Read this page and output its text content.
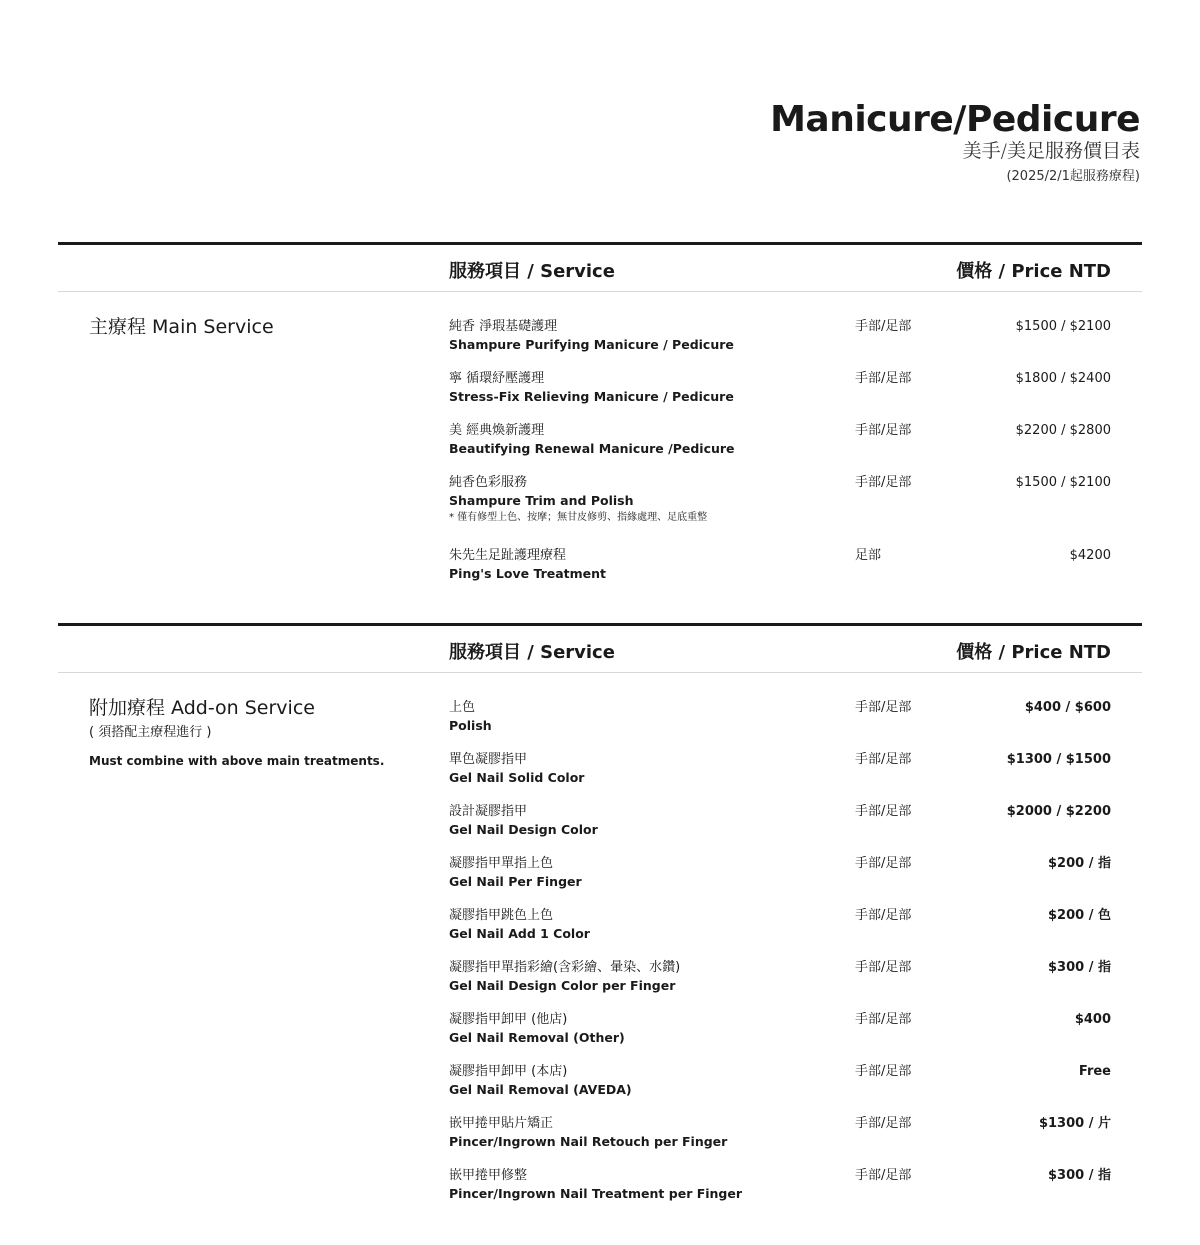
Manicure/Pedicure
美手/美足服務價目表
(2025/2/1起服務療程)
服務項目 / Service	價格 / Price NTD
主療程 Main Service	純香 淨瑕基礎護理
Shampure Purifying Manicure / Pedicure
手部/足部	$1500 / $2100
寧 循環紓壓護理
Stress-Fix Relieving Manicure / Pedicure
手部/足部	$1800 / $2400
美 經典煥新護理
Beautifying Renewal Manicure /Pedicure
手部/足部	$2200 / $2800
純香色彩服務
Shampure Trim and Polish
* 僅有修型上色、按摩；無甘皮修剪、指緣處理、足底重整
手部/足部	$1500 / $2100
朱先生足趾護理療程
Ping's Love Treatment
足部	$4200
服務項目 / Service	價格 / Price NTD
附加療程 Add-on Service
( 須搭配主療程進行 )
Must combine with above main treatments.
上色
Polish
手部/足部	$400 / $600
單色凝膠指甲
Gel Nail Solid Color
手部/足部	$1300 / $1500
設計凝膠指甲
Gel Nail Design Color
手部/足部	$2000 / $2200
凝膠指甲單指上色
Gel Nail Per Finger
手部/足部	$200 / 指
凝膠指甲跳色上色
Gel Nail Add 1 Color
手部/足部	$200 / 色
凝膠指甲單指彩繪(含彩繪、暈染、水鑽)
Gel Nail Design Color per Finger
手部/足部	$300 / 指
凝膠指甲卸甲 (他店)
Gel Nail Removal (Other)
手部/足部	$400
凝膠指甲卸甲 (本店)
Gel Nail Removal (AVEDA)
手部/足部	Free
嵌甲捲甲貼片矯正
Pincer/Ingrown Nail Retouch per Finger
手部/足部	$1300 / 片
嵌甲捲甲修整
Pincer/Ingrown Nail Treatment per Finger
手部/足部	$300 / 指
